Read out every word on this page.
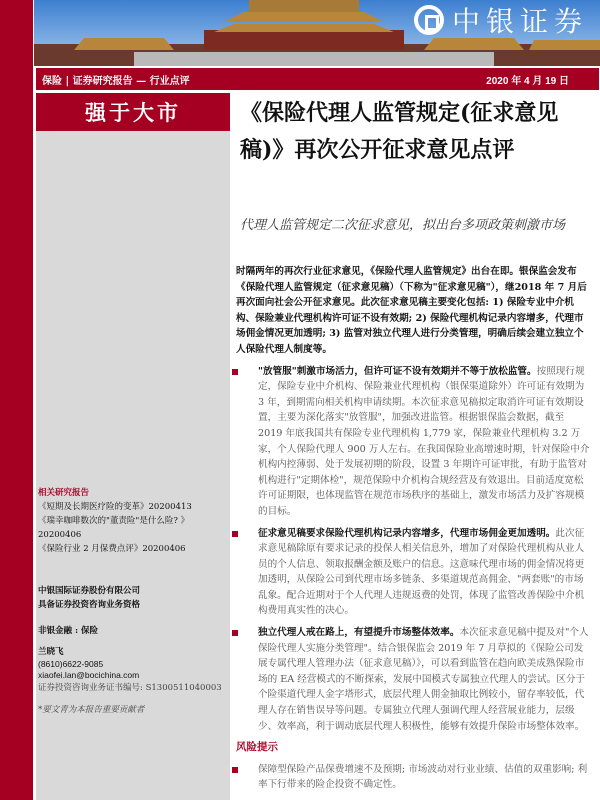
中银证券
保险 | 证券研究报告 — 行业点评	2020 年 4 月 19 日
强于大市
相关研究报告
《短期及长期医疗险的变革》20200413
《瑞幸咖啡数次的"董责险"是什么险? 》20200406
《保险行业 2 月保费点评》20200406
中银国际证券股份有限公司
具备证券投资咨询业务资格
非银金融 : 保险
兰晓飞
(8610)6622-9085
xiaofei.lan@bocichina.com
证券投资咨询业务证书编号: S1300511040003
*要文青为本报告重要贡献者
《保险代理人监管规定(征求意见稿)》再次公开征求意见点评
代理人监管规定二次征求意见，拟出台多项政策刺激市场

时隔两年的再次行业征求意见，《保险代理人监管规定》出台在即。银保监会发布《保险代理人监管规定（征求意见稿）（下称为"征求意见稿"），继2018 年 7 月后再次面向社会公开征求意见。此次征求意见稿主要变化包括: 1) 保险专业中介机构、保险兼业代理机构许可证不设有效期; 2) 保险代理机构记录内容增多，代理市场佣金情况更加透明; 3) 监管对独立代理人进行分类管理，明确后续会建立独立个人保险代理人制度等。

"放管服"刺激市场活力，但许可证不设有效期并不等于放松监管。按照现行规定，保险专业中介机构、保险兼业代理机构（银保渠道除外）许可证有效期为 3 年，到期需向相关机构申请续期。本次征求意见稿拟定取消许可证有效期设置，主要为深化落实"放管服"，加强改进监管。根据银保监会数据，截至 2019 年底我国共有保险专业代理机构 1,779 家，保险兼业代理机构 3.2 万家，个人保险代理人 900 万人左右。在我国保险业高增速时期，针对保险中介机构内控薄弱、处于发展初期的阶段，设置 3 年期许可证审批，有助于监管对机构进行"定期体检"，规范保险中介机构合规经营及有效退出。目前适度宽松许可证期限，也体现监管在规范市场秩序的基础上，激发市场活力及扩容规模的目标。
征求意见稿要求保险代理机构记录内容增多，代理市场佣金更加透明。此次征求意见稿除原有要求记录的投保人相关信息外，增加了对保险代理机构从业人员的个人信息、领取报酬金额及账户的信息。这意味代理市场的佣金情况将更加透明，从保险公司到代理市场多链条、多渠道规范高佣金、"两套账"的市场乱象。配合近期对于个人代理人违规返费的处罚，体现了监管改善保险中介机构费用真实性的决心。
独立代理人戒在路上，有望提升市场整体效率。本次征求意见稿中提及对"个人保险代理人实施分类管理"。结合银保监会 2019 年 7 月草拟的《保险公司发展专属代理人管理办法（征求意见稿）》，可以看到监管在趋向欧美成熟保险市场的 EA 经营模式的不断探索，发展中国模式专属独立代理人的尝试。区分于个险渠道代理人金字塔形式，底层代理人佣金抽取比例较小，留存率较低，代理人存在销售误导等问题。专属独立代理人强调代理人经营展业能力，层级少、效率高，利于调动底层代理人积极性，能够有效提升保险市场整体效率。
风险提示
保障型保险产品保费增速不及预期; 市场波动对行业业绩、估值的双重影响; 利率下行带来的险企投资不确定性。
